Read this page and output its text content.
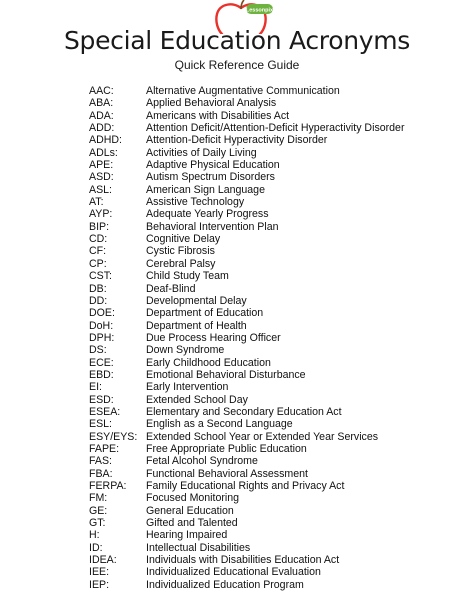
Lessonpix
Special Education Acronyms
Quick Reference Guide
AAC:	Alternative Augmentative Communication
ABA:	Applied Behavioral Analysis
ADA:	Americans with Disabilities Act
ADD:	Attention Deficit/Attention-Deficit Hyperactivity Disorder
ADHD: Attention-Deficit Hyperactivity Disorder
ADLs:	Activities of Daily Living
APE:	Adaptive Physical Education
ASD:	Autism Spectrum Disorders
ASL:	American Sign Language
AT:	Assistive Technology
AYP:	Adequate Yearly Progress
BIP:	Behavioral Intervention Plan
CD:	Cognitive Delay
CF:	Cystic Fibrosis
CP:	Cerebral Palsy
CST:	Child Study Team
DB:	Deaf-Blind
DD:	Developmental Delay
DOE:	Department of Education
DoH:	Department of Health
DPH:	Due Process Hearing Officer
DS:	Down Syndrome
ECE:	Early Childhood Education
EBD:	Emotional Behavioral Disturbance
EI:	Early Intervention
ESD:	Extended School Day
ESEA: Elementary and Secondary Education Act
ESL:	English as a Second Language
ESY/EYS: Extended School Year or Extended Year Services
FAPE:	Free Appropriate Public Education
FAS:	Fetal Alcohol Syndrome
FBA:	Functional Behavioral Assessment
FERPA: Family Educational Rights and Privacy Act
FM:	Focused Monitoring
GE:	General Education
GT:	Gifted and Talented
H:	Hearing Impaired
ID:	Intellectual Disabilities
IDEA:	Individuals with Disabilities Education Act
IEE:	Individualized Educational Evaluation
IEP:	Individualized Education Program
